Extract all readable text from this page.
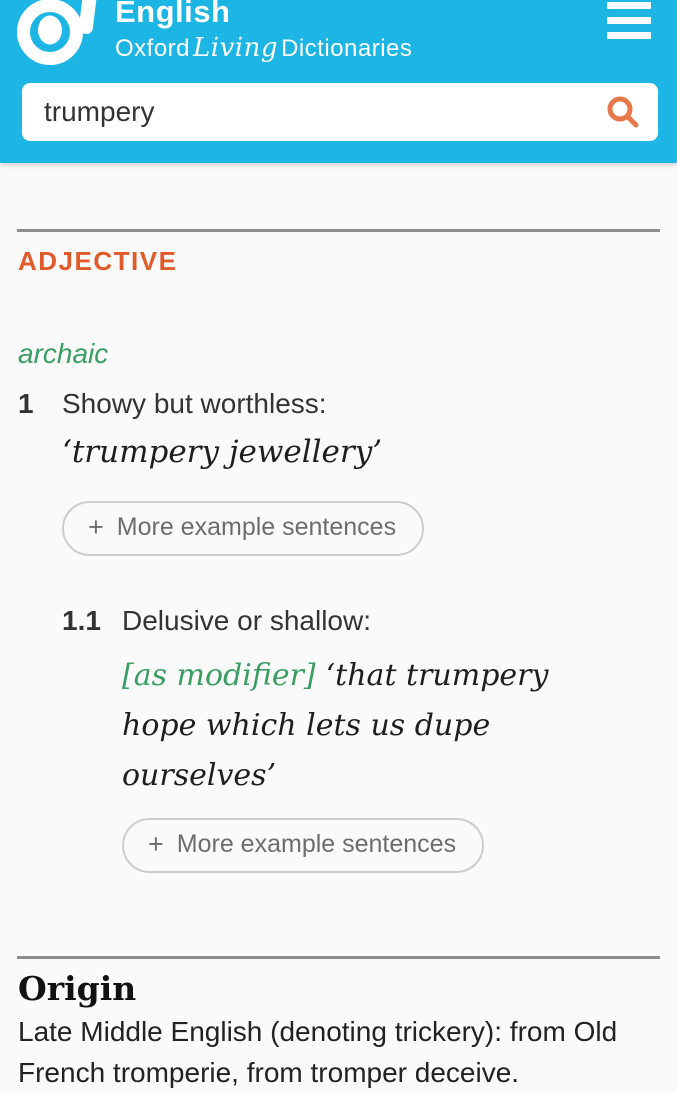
English
Oxford Living Dictionaries
trumpery
ADJECTIVE
archaic
1	Showy but worthless:
‘trumpery jewellery’
+ More example sentences
1.1 Delusive or shallow:
[as modifier] ‘that trumpery hope which lets us dupe ourselves’
+ More example sentences
Origin

Late Middle English (denoting trickery): from Old French tromperie, from tromper deceive.
